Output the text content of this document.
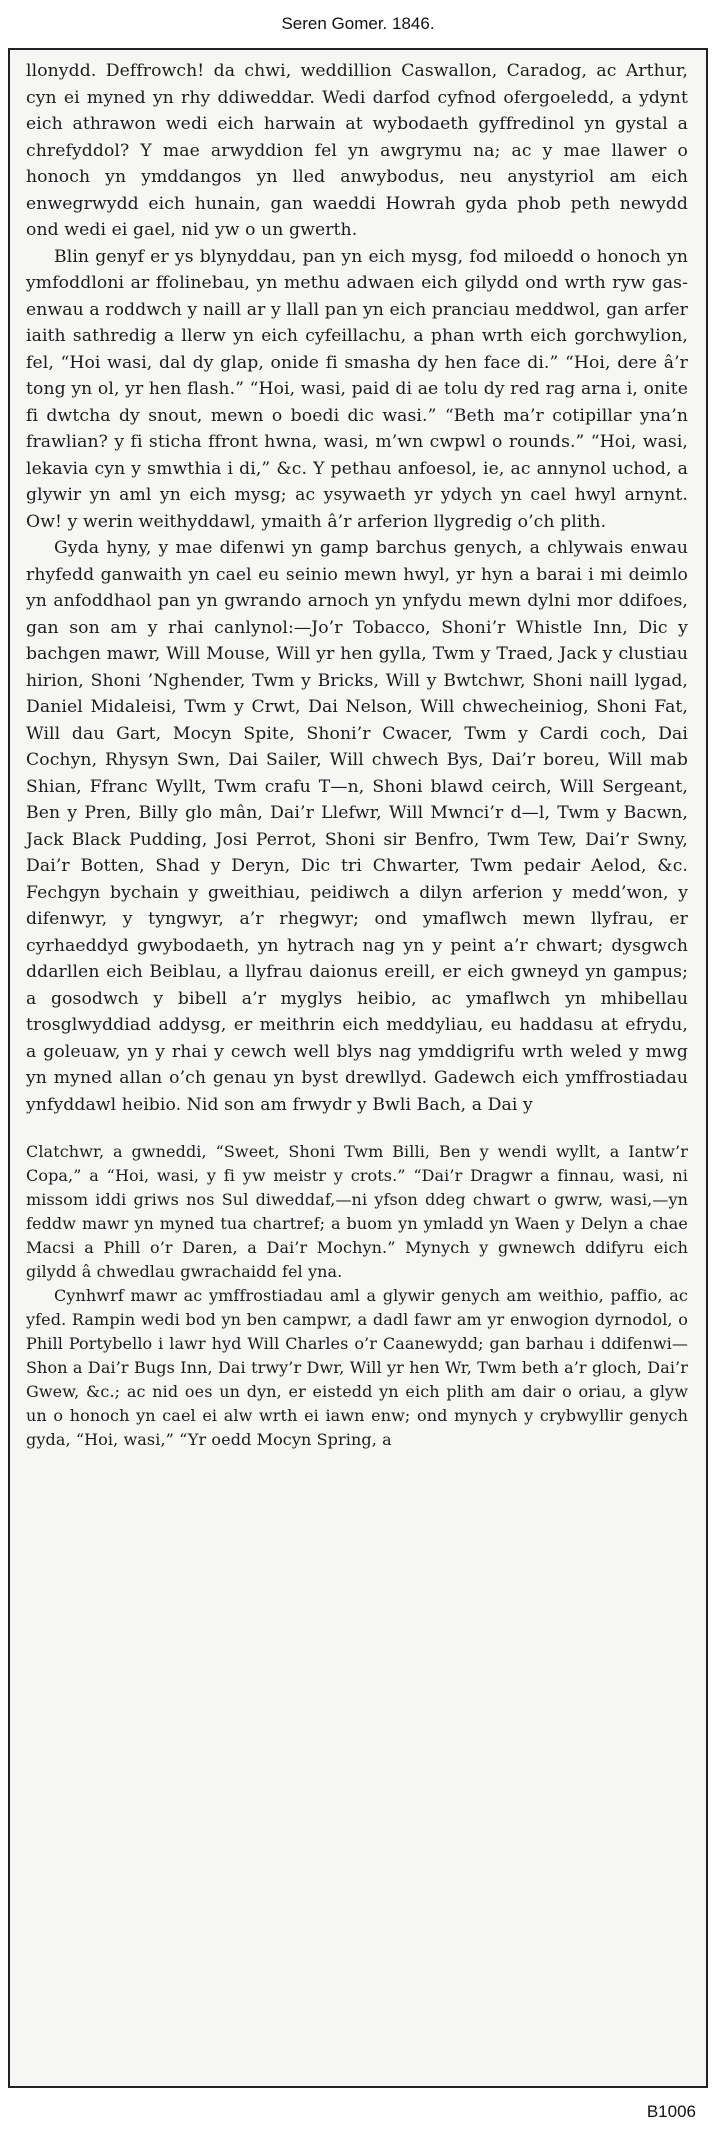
Seren Gomer. 1846.

llonydd. Deffrowch! da chwi, weddillion Caswallon, Caradog, ac Arthur, cyn ei myned yn rhy ddiweddar. Wedi darfod cyfnod ofergoeledd, a ydynt eich athrawon wedi eich harwain at wybodaeth gyffredinol yn gystal a chrefyddol? Y mae arwyddion fel yn awgrymu na; ac y mae llawer o honoch yn ymddangos yn lled anwybodus, neu anystyriol am eich enwegrwydd eich hunain, gan waeddi Howrah gyda phob peth newydd ond wedi ei gael, nid yw o un gwerth.

Blin genyf er ys blynyddau, pan yn eich mysg, fod miloedd o honoch yn ymfoddloni ar ffolinebau, yn methu adwaen eich gilydd ond wrth ryw gas-enwau a roddwch y naill ar y llall pan yn eich pranciau meddwol, gan arfer iaith sathredig a llerw yn eich cyfeillachu, a phan wrth eich gorchwylion, fel, “Hoi wasi, dal dy glap, onide fi smasha dy hen face di.” “Hoi, dere â’r tong yn ol, yr hen flash.” “Hoi, wasi, paid di ae tolu dy red rag arna i, onite fi dwtcha dy snout, mewn o boedi dic wasi.” “Beth ma’r cotipillar yna’n frawlian? y fi sticha ffront hwna, wasi, m’wn cwpwl o rounds.” “Hoi, wasi, lekavia cyn y smwthia i di,” &c. Y pethau anfoesol, ie, ac annynol uchod, a glywir yn aml yn eich mysg; ac ysywaeth yr ydych yn cael hwyl arnynt. Ow! y werin weithyddawl, ymaith â’r arferion llygredig o’ch plith.

Gyda hyny, y mae difenwi yn gamp barchus genych, a chlywais enwau rhyfedd ganwaith yn cael eu seinio mewn hwyl, yr hyn a barai i mi deimlo yn anfoddhaol pan yn gwrando arnoch yn ynfydu mewn dylni mor ddifoes, gan son am y rhai canlynol:—Jo’r Tobacco, Shoni’r Whistle Inn, Dic y bachgen mawr, Will Mouse, Will yr hen gylla, Twm y Traed, Jack y clustiau hirion, Shoni ’Nghender, Twm y Bricks, Will y Bwtchwr, Shoni naill lygad, Daniel Midaleisi, Twm y Crwt, Dai Nelson, Will chwecheiniog, Shoni Fat, Will dau Gart, Mocyn Spite, Shoni’r Cwacer, Twm y Cardi coch, Dai Cochyn, Rhysyn Swn, Dai Sailer, Will chwech Bys, Dai’r boreu, Will mab Shian, Ffranc Wyllt, Twm crafu T—n, Shoni blawd ceirch, Will Sergeant, Ben y Pren, Billy glo mân, Dai’r Llefwr, Will Mwnci’r d—l, Twm y Bacwn, Jack Black Pudding, Josi Perrot, Shoni sir Benfro, Twm Tew, Dai’r Swny, Dai’r Botten, Shad y Deryn, Dic tri Chwarter, Twm pedair Aelod, &c. Fechgyn bychain y gweithiau, peidiwch a dilyn arferion y medd’won, y difenwyr, y tyngwyr, a’r rhegwyr; ond ymaflwch mewn llyfrau, er cyrhaeddyd gwybodaeth, yn hytrach nag yn y peint a’r chwart; dysgwch ddarllen eich Beiblau, a llyfrau daionus ereill, er eich gwneyd yn gampus; a gosodwch y bibell a’r myglys heibio, ac ymaflwch yn mhibellau trosglwyddiad addysg, er meithrin eich meddyliau, eu haddasu at efrydu, a goleuaw, yn y rhai y cewch well blys nag ymddigrifu wrth weled y mwg yn myned allan o’ch genau yn byst drewllyd. Gadewch eich ymffrostiadau ynfyddawl heibio. Nid son am frwydr y Bwli Bach, a Dai y

Clatchwr, a gwneddi, “Sweet, Shoni Twm Billi, Ben y wendi wyllt, a Iantw’r Copa,” a “Hoi, wasi, y fi yw meistr y crots.” “Dai’r Dragwr a finnau, wasi, ni missom iddi griws nos Sul diweddaf,—ni yfson ddeg chwart o gwrw, wasi,—yn feddw mawr yn myned tua chartref; a buom yn ymladd yn Waen y Delyn a chae Macsi a Phill o’r Daren, a Dai’r Mochyn.” Mynych y gwnewch ddifyru eich gilydd â chwedlau gwrachaidd fel yna.

Cynhwrf mawr ac ymffrostiadau aml a glywir genych am weithio, paffio, ac yfed. Rampin wedi bod yn ben campwr, a dadl fawr am yr enwogion dyrnodol, o Phill Portybello i lawr hyd Will Charles o’r Caanewydd; gan barhau i ddifenwi—Shon a Dai’r Bugs Inn, Dai trwy’r Dwr, Will yr hen Wr, Twm beth a’r gloch, Dai’r Gwew, &c.; ac nid oes un dyn, er eistedd yn eich plith am dair o oriau, a glyw un o honoch yn cael ei alw wrth ei iawn enw; ond mynych y crybwyllir genych gyda, “Hoi, wasi,” “Yr oedd Mocyn Spring, a

B1006
